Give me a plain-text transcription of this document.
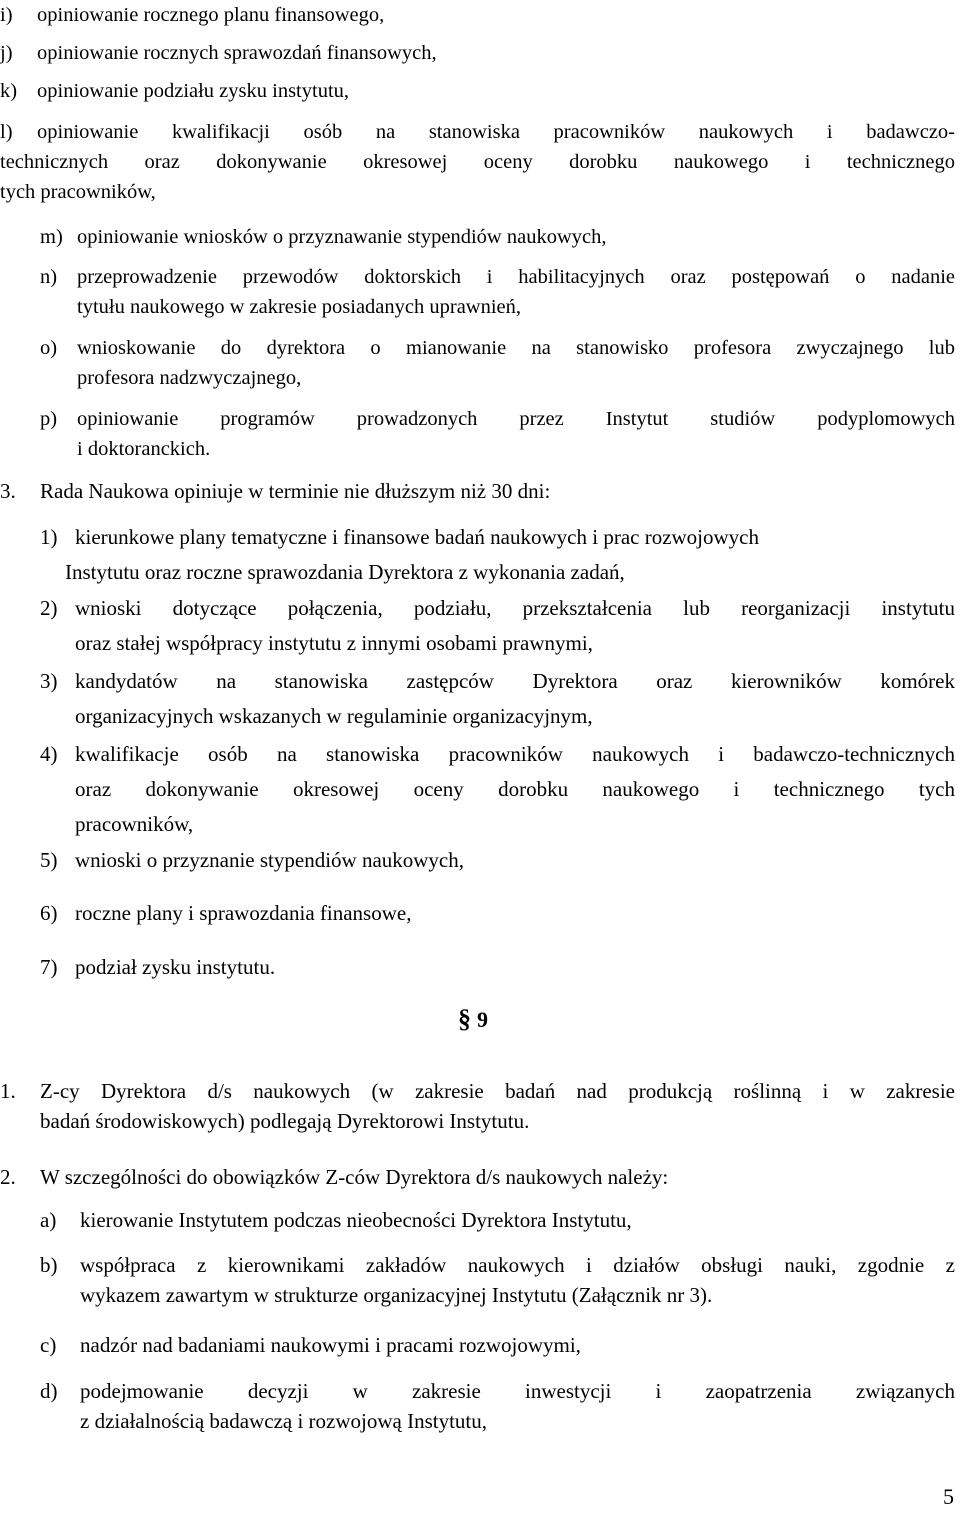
i)	opiniowanie rocznego planu finansowego,
j)	opiniowanie rocznych sprawozdań finansowych,
k) opiniowanie podziału zysku instytutu,
l)	opiniowanie kwalifikacji osób na stanowiska pracowników naukowych i badawczo-
technicznych oraz dokonywanie okresowej oceny dorobku naukowego i technicznego
tych pracowników,
m) opiniowanie wniosków o przyznawanie stypendiów naukowych,
n) przeprowadzenie przewodów doktorskich i habilitacyjnych oraz postępowań o nadanie
tytułu naukowego w zakresie posiadanych uprawnień,
o) wnioskowanie do dyrektora o mianowanie na stanowisko profesora zwyczajnego lub
profesora nadzwyczajnego,
p) opiniowanie programów prowadzonych przez Instytut studiów podyplomowych
i doktoranckich.
3.	Rada Naukowa opiniuje w terminie nie dłuższym niż 30 dni:
1) kierunkowe plany tematyczne i finansowe badań naukowych i prac rozwojowych
Instytutu oraz roczne sprawozdania Dyrektora z wykonania zadań,
2) wnioski dotyczące połączenia, podziału, przekształcenia lub reorganizacji instytutu
oraz stałej współpracy instytutu z innymi osobami prawnymi,
3) kandydatów na stanowiska zastępców Dyrektora oraz kierowników komórek
organizacyjnych wskazanych w regulaminie organizacyjnym,
4) kwalifikacje osób na stanowiska pracowników naukowych i badawczo-technicznych
oraz dokonywanie okresowej oceny dorobku naukowego i technicznego tych
pracowników,
5) wnioski o przyznanie stypendiów naukowych,
6) roczne plany i sprawozdania finansowe,
7) podział zysku instytutu.
§ 9
1.	Z-cy Dyrektora d/s naukowych (w zakresie badań nad produkcją roślinną i w zakresie
badań środowiskowych) podlegają Dyrektorowi Instytutu.
2.	W szczególności do obowiązków Z-ców Dyrektora d/s naukowych należy:
a)	kierowanie Instytutem podczas nieobecności Dyrektora Instytutu,
b)	współpraca z kierownikami zakładów naukowych i działów obsługi nauki, zgodnie z
wykazem zawartym w strukturze organizacyjnej Instytutu (Załącznik nr 3).
c)	nadzór nad badaniami naukowymi i pracami rozwojowymi,
d)	podejmowanie decyzji w zakresie inwestycji i zaopatrzenia związanych
z działalnością badawczą i rozwojową Instytutu,
5
